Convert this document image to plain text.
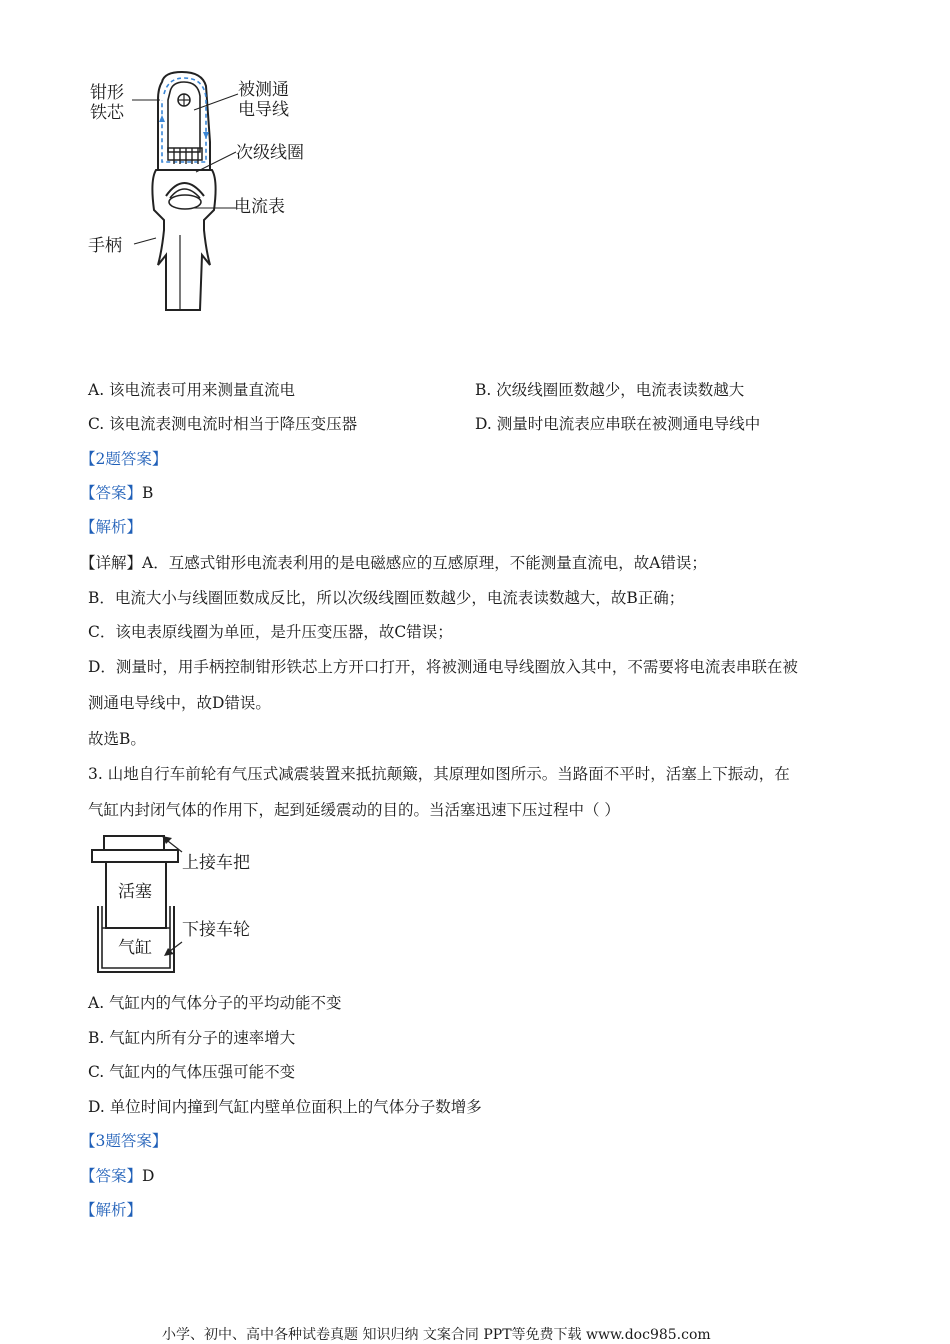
钳形
铁芯
被测通
电导线
次级线圈
电流表
手柄
A. 该电流表可用来测量直流电	B. 次级线圈匝数越少，电流表读数越大
C. 该电流表测电流时相当于降压变压器	D. 测量时电流表应串联在被测通电导线中
【2题答案】
【答案】B
【解析】
【详解】A．互感式钳形电流表利用的是电磁感应的互感原理，不能测量直流电，故A错误；
B．电流大小与线圈匝数成反比，所以次级线圈匝数越少，电流表读数越大，故B正确；
C．该电表原线圈为单匝，是升压变压器，故C错误；
D．测量时，用手柄控制钳形铁芯上方开口打开，将被测通电导线圈放入其中，不需要将电流表串联在被
测通电导线中，故D错误。
故选B。
3. 山地自行车前轮有气压式减震装置来抵抗颠簸，其原理如图所示。当路面不平时，活塞上下振动，在
气缸内封闭气体的作用下，起到延缓震动的目的。当活塞迅速下压过程中（ ）
上接车把
活塞
下接车轮
气缸
A. 气缸内的气体分子的平均动能不变
B. 气缸内所有分子的速率增大
C. 气缸内的气体压强可能不变
D. 单位时间内撞到气缸内壁单位面积上的气体分子数增多
【3题答案】
【答案】D
【解析】
小学、初中、高中各种试卷真题 知识归纳 文案合同 PPT等免费下载 www.doc985.com
